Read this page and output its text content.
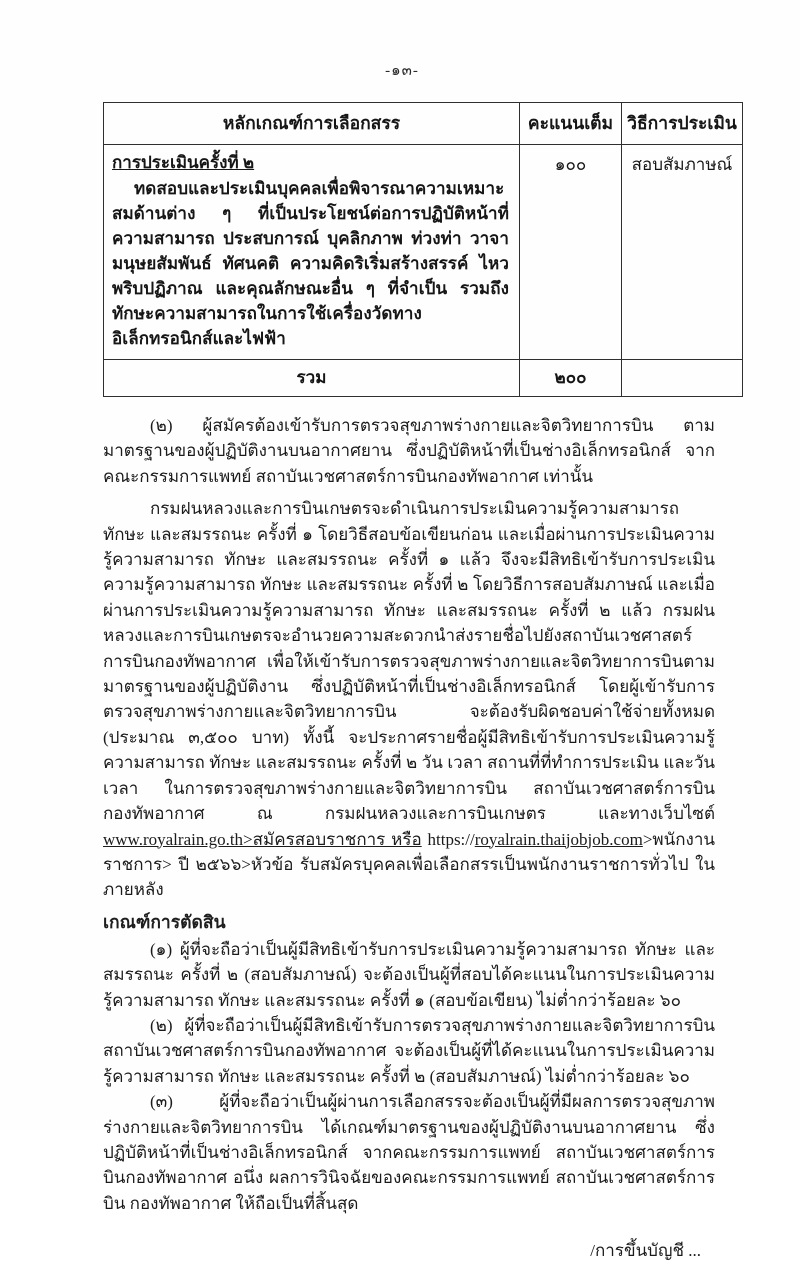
-๑๓-
หลักเกณฑ์การเลือกสรร	คะแนนเต็ม	วิธีการประเมิน
การประเมินครั้งที่ ๒

ทดสอบและประเมินบุคคลเพื่อพิจารณาความเหมาะสมด้านต่าง ๆ ที่เป็นประโยชน์ต่อการปฏิบัติหน้าที่ ความสามารถ ประสบการณ์ บุคลิกภาพ ท่วงท่า วาจา มนุษยสัมพันธ์ ทัศนคติ ความคิดริเริ่มสร้างสรรค์ ไหวพริบปฏิภาณ และคุณลักษณะอื่น ๆ ที่จำเป็น รวมถึงทักษะความสามารถในการใช้เครื่องวัดทางอิเล็กทรอนิกส์และไฟฟ้า	๑๐๐	สอบสัมภาษณ์
รวม	๒๐๐	

(๒) ผู้สมัครต้องเข้ารับการตรวจสุขภาพร่างกายและจิตวิทยาการบิน ตามมาตรฐานของผู้ปฏิบัติงานบนอากาศยาน ซึ่งปฏิบัติหน้าที่เป็นช่างอิเล็กทรอนิกส์ จากคณะกรรมการแพทย์ สถาบันเวชศาสตร์การบินกองทัพอากาศ เท่านั้น

กรมฝนหลวงและการบินเกษตรจะดำเนินการประเมินความรู้ความสามารถ ทักษะ และสมรรถนะ ครั้งที่ ๑ โดยวิธีสอบข้อเขียนก่อน และเมื่อผ่านการประเมินความรู้ความสามารถ ทักษะ และสมรรถนะ ครั้งที่ ๑ แล้ว จึงจะมีสิทธิเข้ารับการประเมินความรู้ความสามารถ ทักษะ และสมรรถนะ ครั้งที่ ๒ โดยวิธีการสอบสัมภาษณ์ และเมื่อผ่านการประเมินความรู้ความสามารถ ทักษะ และสมรรถนะ ครั้งที่ ๒ แล้ว กรมฝนหลวงและการบินเกษตรจะอำนวยความสะดวกนำส่งรายชื่อไปยังสถาบันเวชศาสตร์การบินกองทัพอากาศ เพื่อให้เข้ารับการตรวจสุขภาพร่างกายและจิตวิทยาการบินตามมาตรฐานของผู้ปฏิบัติงาน ซึ่งปฏิบัติหน้าที่เป็นช่างอิเล็กทรอนิกส์ โดยผู้เข้ารับการตรวจสุขภาพร่างกายและจิตวิทยาการบิน จะต้องรับผิดชอบค่าใช้จ่ายทั้งหมด (ประมาณ ๓,๕๐๐ บาท) ทั้งนี้ จะประกาศรายชื่อผู้มีสิทธิเข้ารับการประเมินความรู้ความสามารถ ทักษะ และสมรรถนะ ครั้งที่ ๒ วัน เวลา สถานที่ที่ทำการประเมิน และวัน เวลา ในการตรวจสุขภาพร่างกายและจิตวิทยาการบิน สถาบันเวชศาสตร์การบินกองทัพอากาศ ณ กรมฝนหลวงและการบินเกษตร และทางเว็บไซต์ www.royalrain.go.th>สมัครสอบราชการ หรือ https://royalrain.thaijobjob.com>พนักงานราชการ> ปี ๒๕๖๖>หัวข้อ รับสมัครบุคคลเพื่อเลือกสรรเป็นพนักงานราชการทั่วไป ในภายหลัง

เกณฑ์การตัดสิน

(๑) ผู้ที่จะถือว่าเป็นผู้มีสิทธิเข้ารับการประเมินความรู้ความสามารถ ทักษะ และสมรรถนะ ครั้งที่ ๒ (สอบสัมภาษณ์) จะต้องเป็นผู้ที่สอบได้คะแนนในการประเมินความรู้ความสามารถ ทักษะ และสมรรถนะ ครั้งที่ ๑ (สอบข้อเขียน) ไม่ต่ำกว่าร้อยละ ๖๐

(๒) ผู้ที่จะถือว่าเป็นผู้มีสิทธิเข้ารับการตรวจสุขภาพร่างกายและจิตวิทยาการบิน สถาบันเวชศาสตร์การบินกองทัพอากาศ จะต้องเป็นผู้ที่ได้คะแนนในการประเมินความรู้ความสามารถ ทักษะ และสมรรถนะ ครั้งที่ ๒ (สอบสัมภาษณ์) ไม่ต่ำกว่าร้อยละ ๖๐

(๓) ผู้ที่จะถือว่าเป็นผู้ผ่านการเลือกสรรจะต้องเป็นผู้ที่มีผลการตรวจสุขภาพร่างกายและจิตวิทยาการบิน ได้เกณฑ์มาตรฐานของผู้ปฏิบัติงานบนอากาศยาน ซึ่งปฏิบัติหน้าที่เป็นช่างอิเล็กทรอนิกส์ จากคณะกรรมการแพทย์ สถาบันเวชศาสตร์การบินกองทัพอากาศ อนึ่ง ผลการวินิจฉัยของคณะกรรมการแพทย์ สถาบันเวชศาสตร์การบิน กองทัพอากาศ ให้ถือเป็นที่สิ้นสุด

/การขึ้นบัญชี ...
